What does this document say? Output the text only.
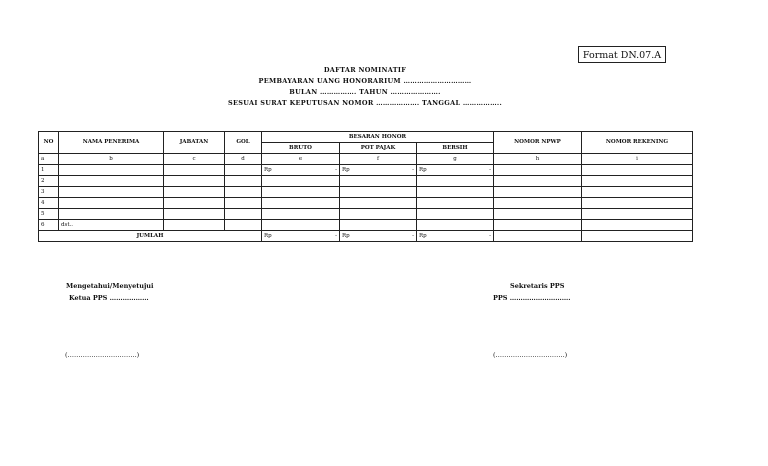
Format DN.07.A
DAFTAR NOMINATIF
PEMBAYARAN UANG HONORARIUM …………………………
BULAN ……………. TAHUN ………………….
SESUAI SURAT KEPUTUSAN NOMOR ………………. TANGGAL ……………..
NO	NAMA PENERIMA	JABATAN	GOL	BESARAN HONOR			NOMOR NPWP	NOMOR REKENING
				BRUTO	POT PAJAK	BERSIH		
a	b	c	d	e	f	g	h	i
1				Rp -	Rp -	Rp -		

2								
3								
4								
5								
6	dst..							
JUMLAH				Rp -	Rp -	Rp -		

Mengetahui/Menyetujui
Ketua PPS ………………
(…………………………..)
Sekretaris PPS
PPS ……………………….
(…………………………..)
